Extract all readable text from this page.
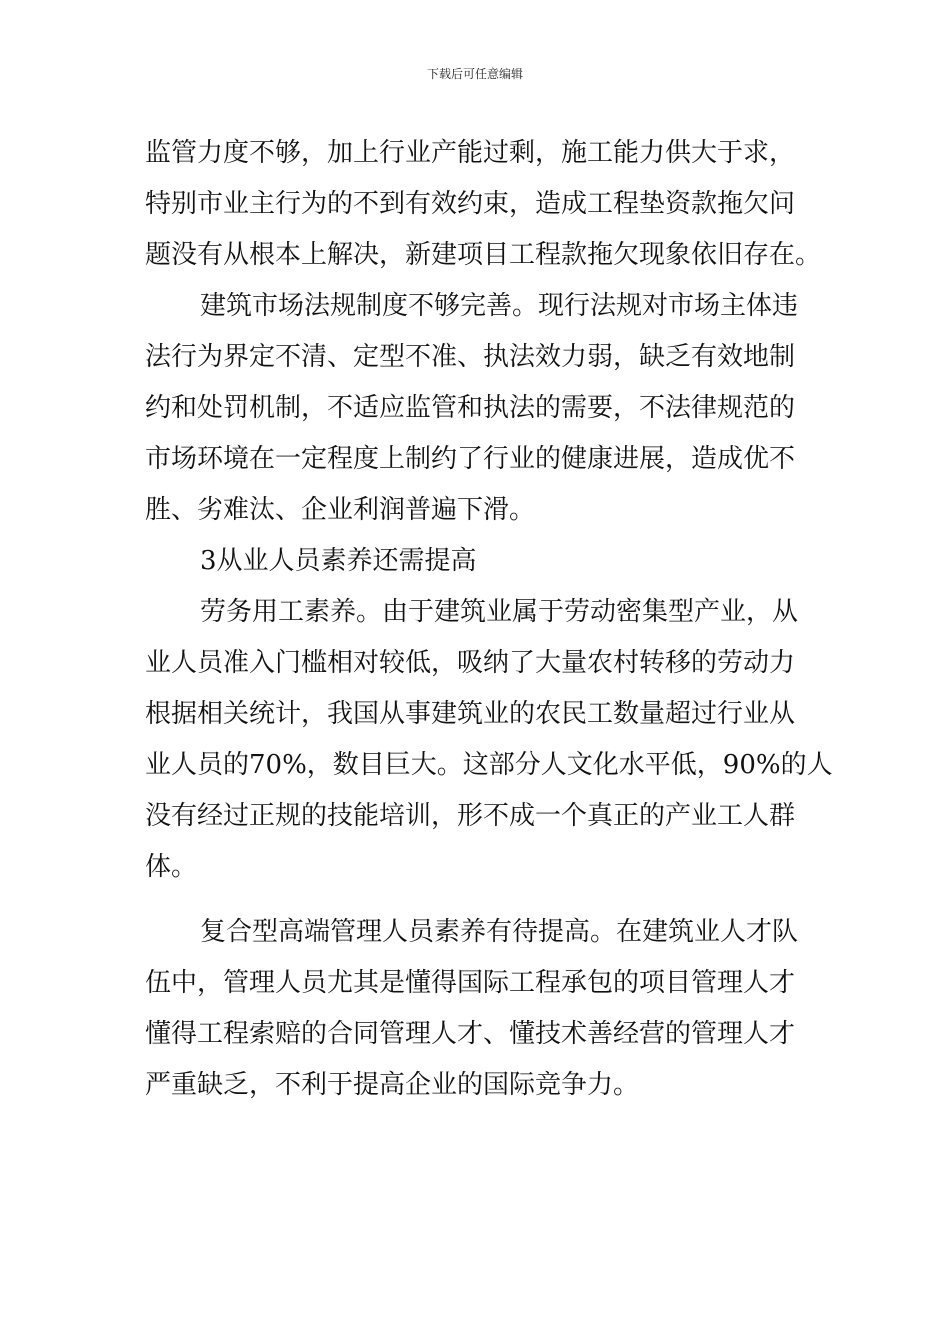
下载后可任意编辑
监管力度不够，加上行业产能过剩，施工能力供大于求，
特别市业主行为的不到有效约束，造成工程垫资款拖欠问
题没有从根本上解决，新建项目工程款拖欠现象依旧存在。
建筑市场法规制度不够完善。现行法规对市场主体违
法行为界定不清、定型不准、执法效力弱，缺乏有效地制
约和处罚机制，不适应监管和执法的需要，不法律规范的
市场环境在一定程度上制约了行业的健康进展，造成优不
胜、劣难汰、企业利润普遍下滑。
3从业人员素养还需提高
劳务用工素养。由于建筑业属于劳动密集型产业，从
业人员准入门槛相对较低，吸纳了大量农村转移的劳动力
根据相关统计，我国从事建筑业的农民工数量超过行业从
业人员的70%，数目巨大。这部分人文化水平低，90%的人
没有经过正规的技能培训，形不成一个真正的产业工人群
体。
复合型高端管理人员素养有待提高。在建筑业人才队
伍中，管理人员尤其是懂得国际工程承包的项目管理人才
懂得工程索赔的合同管理人才、懂技术善经营的管理人才
严重缺乏，不利于提高企业的国际竞争力。
